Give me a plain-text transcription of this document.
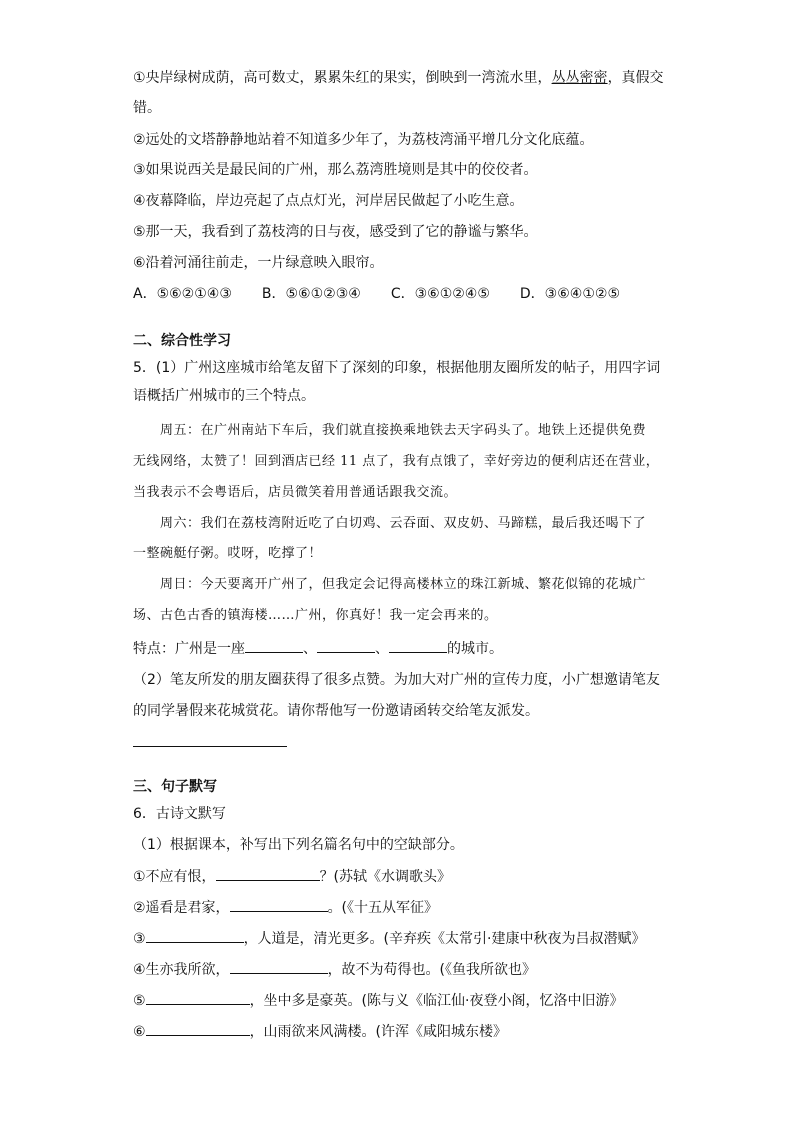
①央岸绿树成荫，高可数丈，累累朱红的果实，倒映到一湾流水里，丛丛密密，真假交
错。
②远处的文塔静静地站着不知道多少年了，为荔枝湾涌平增几分文化底蕴。
③如果说西关是最民间的广州，那么荔湾胜境则是其中的佼佼者。
④夜幕降临，岸边亮起了点点灯光，河岸居民做起了小吃生意。
⑤那一天，我看到了荔枝湾的日与夜，感受到了它的静谧与繁华。
⑥沿着河涌往前走，一片绿意映入眼帘。
A．⑤⑥②①④③ B．⑤⑥①②③④ C．③⑥①②④⑤ D．③⑥④①②⑤
二、综合性学习
5．(1）广州这座城市给笔友留下了深刻的印象，根据他朋友圈所发的帖子，用四字词
语概括广州城市的三个特点。
周五：在广州南站下车后，我们就直接换乘地铁去天字码头了。地铁上还提供免费
无线网络，太赞了！回到酒店已经 11 点了，我有点饿了，幸好旁边的便利店还在营业，
当我表示不会粤语后，店员微笑着用普通话跟我交流。
周六：我们在荔枝湾附近吃了白切鸡、云吞面、双皮奶、马蹄糕，最后我还喝下了
一整碗艇仔粥。哎呀，吃撑了！
周日：今天要离开广州了，但我定会记得高楼林立的珠江新城、繁花似锦的花城广
场、古色古香的镇海楼……广州，你真好！我一定会再来的。
特点：广州是一座	、	、	的城市。
（2）笔友所发的朋友圈获得了很多点赞。为加大对广州的宣传力度，小广想邀请笔友
的同学暑假来花城赏花。请你帮他写一份邀请函转交给笔友派发。
三、句子默写
6．古诗文默写
（1）根据课本，补写出下列名篇名句中的空缺部分。
①不应有恨，	？(苏轼《水调歌头》
②遥看是君家，	。(《十五从军征》
③	，人道是，清光更多。(辛弃疾《太常引·建康中秋夜为吕叔潜赋》
④生亦我所欲，	，故不为苟得也。(《鱼我所欲也》
⑤	，坐中多是豪英。(陈与义《临江仙·夜登小阁，忆洛中旧游》
⑥	，山雨欲来风满楼。(许浑《咸阳城东楼》
